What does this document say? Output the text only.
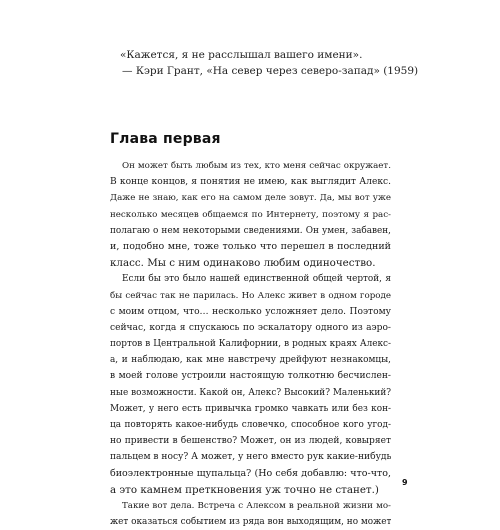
«Кажется, я не расслышал вашего имени».
— Кэри Грант, «На север через северо-запад» (1959)
Глава первая
Он может быть любым из тех, кто меня сейчас окружает.
В конце концов, я понятия не имею, как выглядит Алекс.
Даже не знаю, как его на самом деле зовут. Да, мы вот уже
несколько месяцев общаемся по Интернету, поэтому я рас-
полагаю о нем некоторыми сведениями. Он умен, забавен,
и, подобно мне, тоже только что перешел в последний
класс. Мы с ним одинаково любим одиночество.
Если бы это было нашей единственной общей чертой, я
бы сейчас так не парилась. Но Алекс живет в одном городе
с моим отцом, что… несколько усложняет дело. Поэтому
сейчас, когда я спускаюсь по эскалатору одного из аэро-
портов в Центральной Калифорнии, в родных краях Алекс-
а, и наблюдаю, как мне навстречу дрейфуют незнакомцы,
в моей голове устроили настоящую толкотню бесчислен-
ные возможности. Какой он, Алекс? Высокий? Маленький?
Может, у него есть привычка громко чавкать или без кон-
ца повторять какое-нибудь словечко, способное кого угод-
но привести в бешенство? Может, он из людей, ковыряет
пальцем в носу? А может, у него вместо рук какие-нибудь
биоэлектронные щупальца? (Но себя добавлю: что-что,
а это камнем преткновения уж точно не станет.)
Такие вот дела. Встреча с Алексом в реальной жизни мо-
жет оказаться событием из ряда вон выходящим, но может
9
